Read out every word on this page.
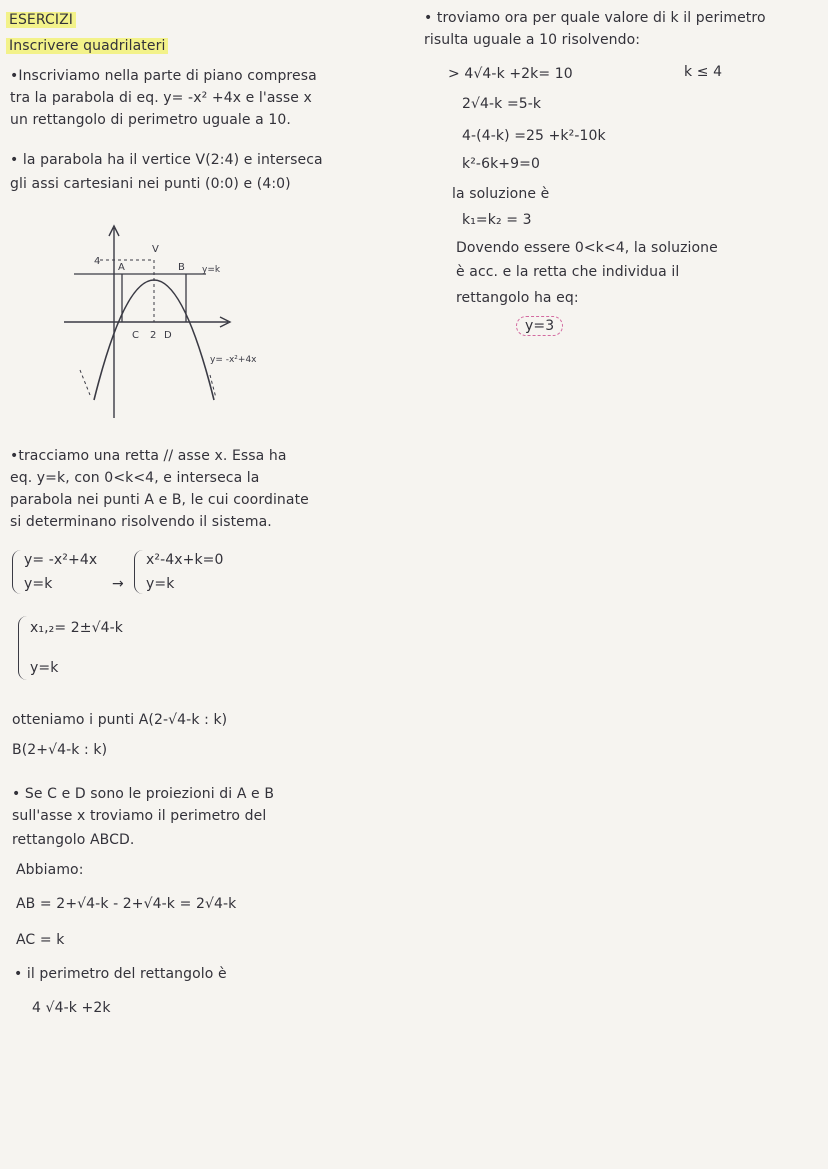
ESERCIZI
Inscrivere quadrilateri
•Inscriviamo nella parte di piano compresa
tra la parabola di eq. y= -x² +4x e l'asse x
un rettangolo di perimetro uguale a 10.
• la parabola ha il vertice V(2:4) e interseca
gli assi cartesiani nei punti (0:0) e (4:0)
4
V
A	B y=k
C 2 D
y= -x²+4x
•tracciamo una retta // asse x. Essa ha
eq. y=k, con 0<k<4, e interseca la
parabola nei punti A e B, le cui coordinate
si determinano risolvendo il sistema.
y= -x²+4x
y=k	→
x²-4x+k=0
y=k
x₁,₂= 2±√4-k
y=k
otteniamo i punti A(2-√4-k : k)
B(2+√4-k : k)
• Se C e D sono le proiezioni di A e B
sull'asse x troviamo il perimetro del
rettangolo ABCD.
Abbiamo:
AB = 2+√4-k - 2+√4-k = 2√4-k
AC = k
• il perimetro del rettangolo è
4 √4-k +2k
• troviamo ora per quale valore di k il perimetro
risulta uguale a 10 risolvendo:
> 4√4-k +2k= 10	k ≤ 4
2√4-k =5-k
4-(4-k) =25 +k²-10k
k²-6k+9=0
la soluzione è
k₁=k₂ = 3
Dovendo essere 0<k<4, la soluzione
è acc. e la retta che individua il
rettangolo ha eq:
y=3
